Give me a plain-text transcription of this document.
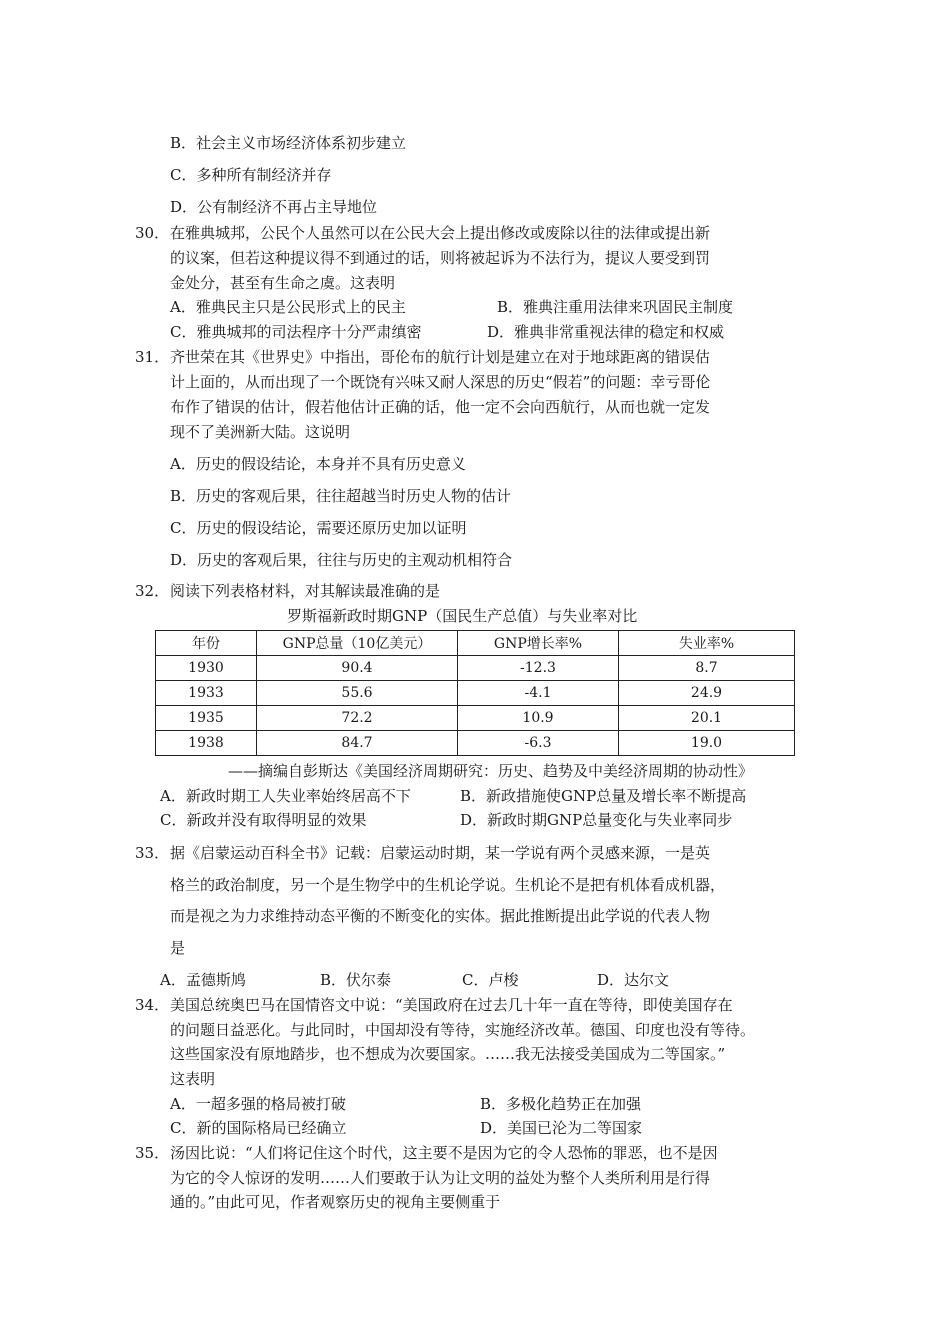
B．社会主义市场经济体系初步建立
C．多种所有制经济并存
D．公有制经济不再占主导地位
30． 在雅典城邦，公民个人虽然可以在公民大会上提出修改或废除以往的法律或提出新
的议案，但若这种提议得不到通过的话，则将被起诉为不法行为，提议人要受到罚
金处分，甚至有生命之虞。这表明
A．雅典民主只是公民形式上的民主	B．雅典注重用法律来巩固民主制度
C．雅典城邦的司法程序十分严肃缜密	D．雅典非常重视法律的稳定和权威
31． 齐世荣在其《世界史》中指出，哥伦布的航行计划是建立在对于地球距离的错误估
计上面的，从而出现了一个既饶有兴味又耐人深思的历史“假若”的问题：幸亏哥伦
布作了错误的估计，假若他估计正确的话，他一定不会向西航行，从而也就一定发
现不了美洲新大陆。这说明
A．历史的假设结论，本身并不具有历史意义
B．历史的客观后果，往往超越当时历史人物的估计
C．历史的假设结论，需要还原历史加以证明
D．历史的客观后果，往往与历史的主观动机相符合
32． 阅读下列表格材料，对其解读最准确的是
罗斯福新政时期GNP（国民生产总值）与失业率对比
年份	GNP总量（10亿美元）	GNP增长率%	失业率%
1930	90.4	-12.3	8.7
1933	55.6	-4.1	24.9
1935	72.2	10.9	20.1
1938	84.7	-6.3	19.0
——摘编自彭斯达《美国经济周期研究：历史、趋势及中美经济周期的协动性》
A．新政时期工人失业率始终居高不下	B．新政措施使GNP总量及增长率不断提高
C．新政并没有取得明显的效果	D．新政时期GNP总量变化与失业率同步
33． 据《启蒙运动百科全书》记载：启蒙运动时期，某一学说有两个灵感来源，一是英
格兰的政治制度，另一个是生物学中的生机论学说。生机论不是把有机体看成机器，
而是视之为力求维持动态平衡的不断变化的实体。据此推断提出此学说的代表人物
是
A．孟德斯鸠	B．伏尔泰	C．卢梭	D．达尔文
34． 美国总统奥巴马在国情咨文中说：“美国政府在过去几十年一直在等待，即使美国存在
的问题日益恶化。与此同时，中国却没有等待，实施经济改革。德国、印度也没有等待。
这些国家没有原地踏步，也不想成为次要国家。……我无法接受美国成为二等国家。”
这表明
A．一超多强的格局被打破	B．多极化趋势正在加强
C．新的国际格局已经确立	D．美国已沦为二等国家
35． 汤因比说：“人们将记住这个时代，这主要不是因为它的令人恐怖的罪恶，也不是因
为它的令人惊讶的发明……人们要敢于认为让文明的益处为整个人类所利用是行得
通的。”由此可见，作者观察历史的视角主要侧重于
